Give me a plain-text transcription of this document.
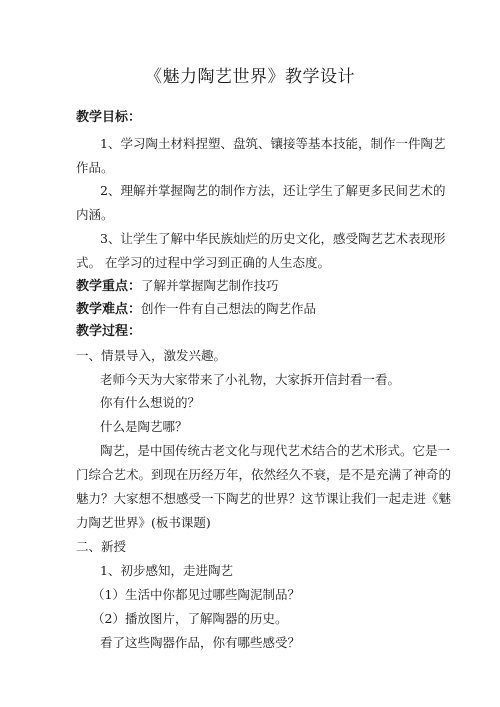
《魅力陶艺世界》教学设计
教学目标：
1、学习陶土材料捏塑、盘筑、镶接等基本技能，制作一件陶艺
作品。
2、理解并掌握陶艺的制作方法，还让学生了解更多民间艺术的
内涵。
3、让学生了解中华民族灿烂的历史文化，感受陶艺艺术表现形
式。 在学习的过程中学习到正确的人生态度。
教学重点：了解并掌握陶艺制作技巧
教学难点：创作一件有自己想法的陶艺作品
教学过程：
一、情景导入，激发兴趣。
老师今天为大家带来了小礼物，大家拆开信封看一看。
你有什么想说的？
什么是陶艺哪？
陶艺，是中国传统古老文化与现代艺术结合的艺术形式。它是一
门综合艺术。到现在历经万年，依然经久不衰，是不是充满了神奇的
魅力？大家想不想感受一下陶艺的世界？这节课让我们一起走进《魅
力陶艺世界》(板书课题)
二、新授
1、初步感知，走进陶艺
（1）生活中你都见过哪些陶泥制品？
（2）播放图片，了解陶器的历史。
看了这些陶器作品，你有哪些感受？
